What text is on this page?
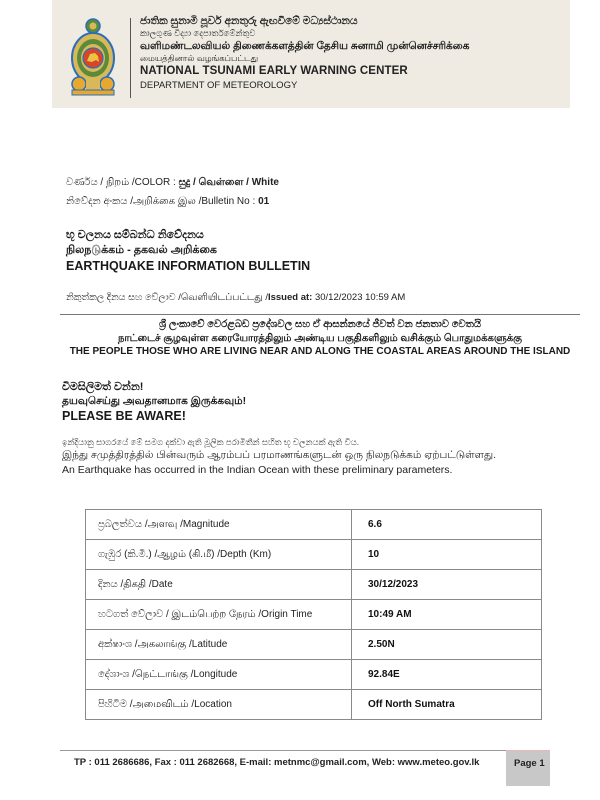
ජාතික සුනාමි පූර්ව අනතුරු ඇඟවීමේ මධ්‍යස්ථානය
කාලගුණ විද්‍යා දෙපාර්තමේන්තුව
வளிமண்டலவியல் திணைக்களத்தின் தேசிய சுனாமி முன்னெச்சரிக்கை
மையத்தினால் வழங்கப்பட்டது
NATIONAL TSUNAMI EARLY WARNING CENTER
DEPARTMENT OF METEOROLOGY
වර්ණය / நிறம் /COLOR : සුදු / வெள்ளை / White
නිවේදන අංකය /அறிக்கை இல /Bulletin No : 01
භූ චලනය සම්බන්ධ නිවේදනය
நிலநடுக்கம் - தகவல் அறிக்கை
EARTHQUAKE INFORMATION BULLETIN
නිකුත්කල දිනය සහ වේලාව /வெளியிடப்பட்டது /Issued at: 30/12/2023 10:59 AM
ශ්‍රී ලංකාවේ වෙරළබඩ ප්‍රදේශවල සහ ඒ ආසන්නයේ ජීවත් වන ජනතාව වෙතයි
நாட்டைச் சூழவுள்ள கரையோரத்திலும் அண்டிய பகுதிகளிலும் வசிக்கும் பொதுமக்களுக்கு
THE PEOPLE THOSE WHO ARE LIVING NEAR AND ALONG THE COASTAL AREAS AROUND THE ISLAND
විමසිලිමත් වන්න!
தயவுசெய்து அவதானமாக இருக்கவும்!
PLEASE BE AWARE!
ඉන්දියානු සාගරයේ මේ සමග දක්වා ඇති මූලික පරාමිතීන් සහිත භූ චලනයක් ඇති විය.
இந்து சமுத்திரத்தில் பின்வரும் ஆரம்பப் பரமாணங்களுடன் ஒரு நிலநடுக்கம் ஏற்பட்டுள்ளது.
An Earthquake has occurred in the Indian Ocean with these preliminary parameters.
ප්‍රබලත්වය /அளவு /Magnitude	6.6
ගැඹුර (කි.මී.) /ஆழம் (கி.மீ) /Depth (Km)	10
දිනය /திகதி /Date	30/12/2023
හටගත් වේලාව / இடம்பெற்ற நேரம் /Origin Time	10:49 AM
අක්ෂාංශ /அகலாங்கு /Latitude	2.50N
දේශාංශ /நெட்டாங்கு /Longitude	92.84E
පිහිටීම /அமைவிடம் /Location	Off North Sumatra
TP : 011 2686686, Fax : 011 2682668, E-mail: metnmc@gmail.com, Web: www.meteo.gov.lk	Page 1
